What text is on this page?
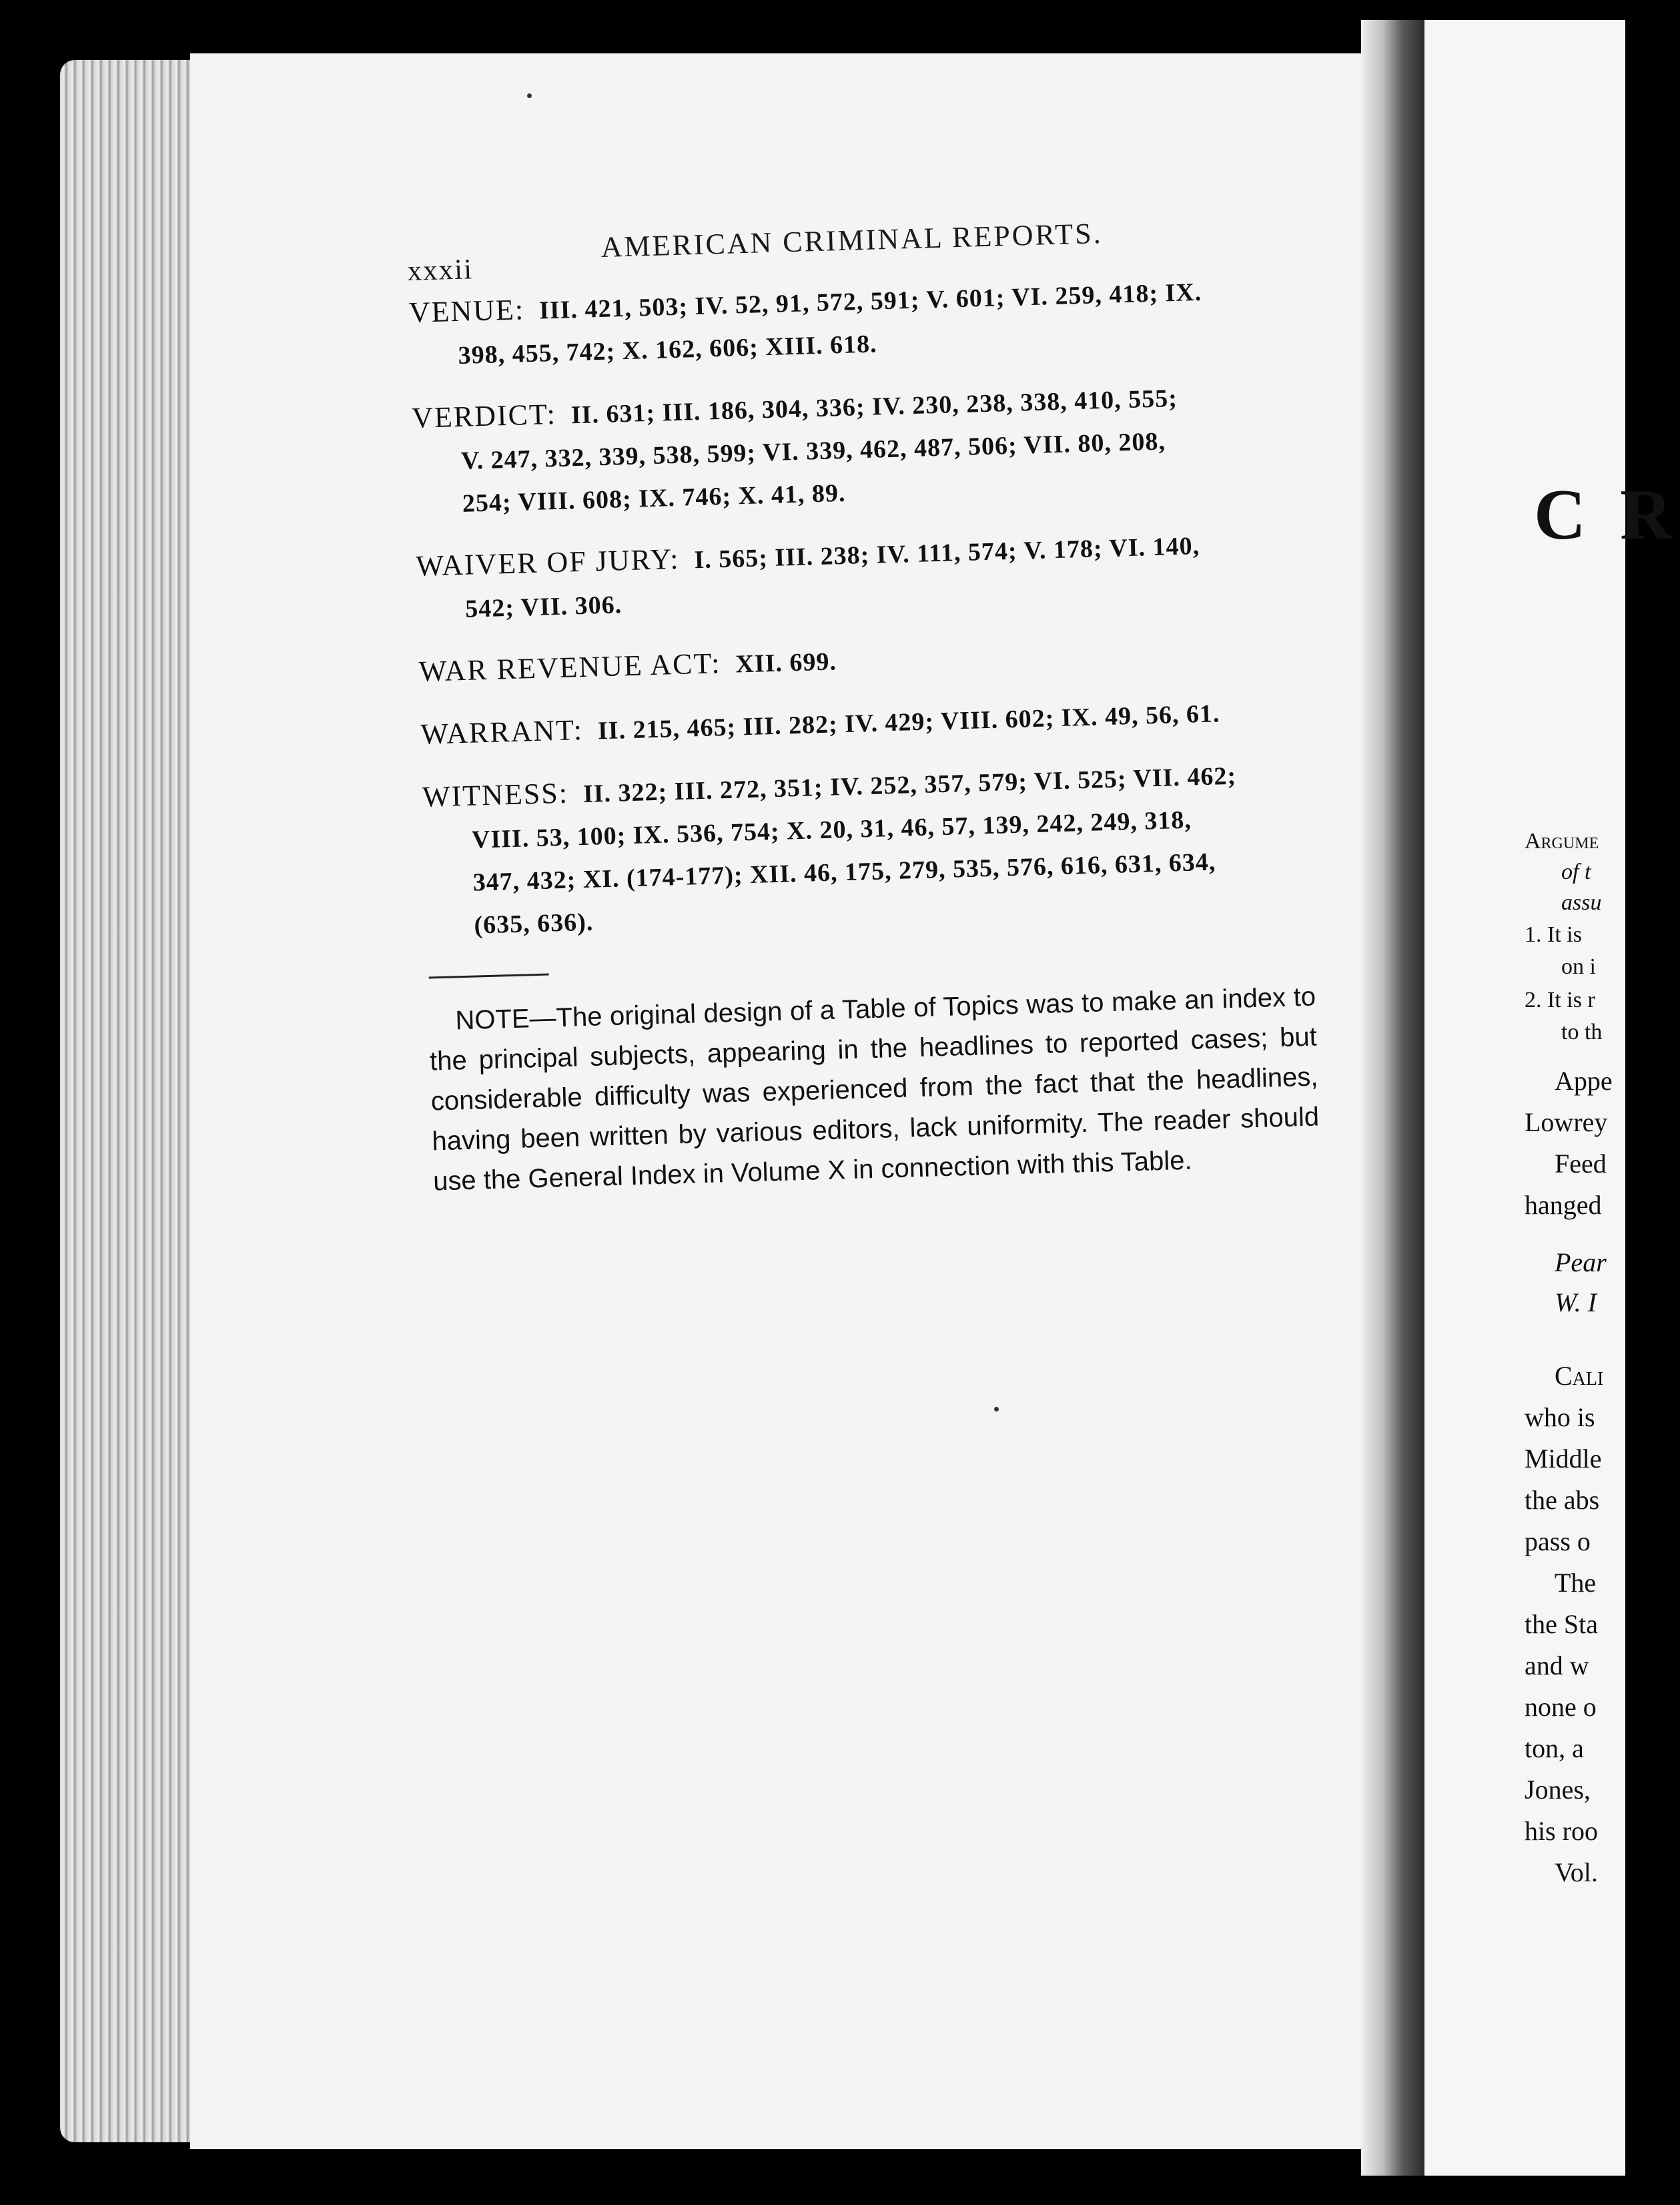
xxxii
AMERICAN CRIMINAL REPORTS.
VENUE: III. 421, 503; IV. 52, 91, 572, 591; V. 601; VI. 259, 418; IX.
398, 455, 742; X. 162, 606; XIII. 618.
VERDICT: II. 631; III. 186, 304, 336; IV. 230, 238, 338, 410, 555;
V. 247, 332, 339, 538, 599; VI. 339, 462, 487, 506; VII. 80, 208,
254; VIII. 608; IX. 746; X. 41, 89.
WAIVER OF JURY: I. 565; III. 238; IV. 111, 574; V. 178; VI. 140,
542; VII. 306.
WAR REVENUE ACT: XII. 699.
WARRANT: II. 215, 465; III. 282; IV. 429; VIII. 602; IX. 49, 56, 61.
WITNESS: II. 322; III. 272, 351; IV. 252, 357, 579; VI. 525; VII. 462;
VIII. 53, 100; IX. 536, 754; X. 20, 31, 46, 57, 139, 242, 249, 318,
347, 432; XI. (174-177); XII. 46, 175, 279, 535, 576, 616, 631, 634,
(635, 636).
NOTE—The original design of a Table of Topics was to make an index to the principal subjects, appearing in the headlines to reported cases; but considerable difficulty was experienced from the fact that the headlines, having been written by various editors, lack uniformity. The reader should use the General Index in Volume X in connection with this Table.
C R
Argume
of t
assu
1. It is
on i
2. It is r
to th
Appe
Lowrey
Feed
hanged
Pear
W. I
Cali
who is
Middle
the abs
pass o
The
the Sta
and w
none o
ton, a
Jones,
his roo
Vol.
